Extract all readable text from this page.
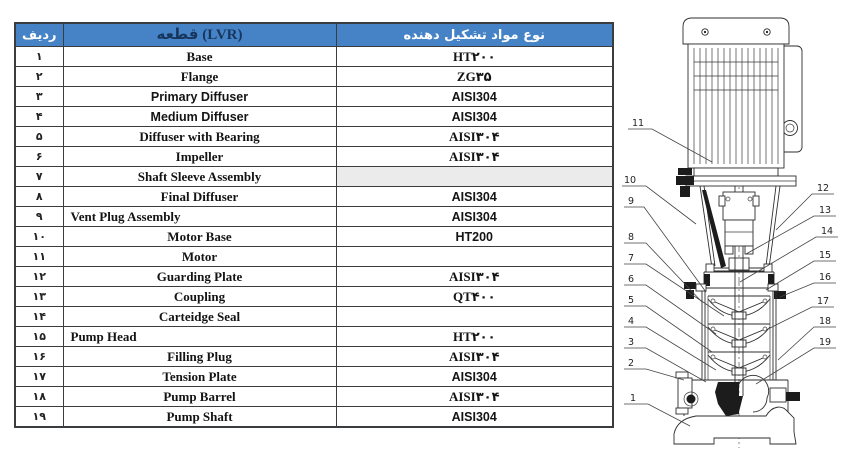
ردیف	قطعه (LVR)	نوع مواد تشکیل دهنده
۱	Base	HT۲۰۰
۲	Flange	ZG۳۵
۳	Primary Diffuser	AISI304
۴	Medium Diffuser	AISI304
۵	Diffuser with Bearing	AISI۳۰۴
۶	Impeller	AISI۳۰۴
۷	Shaft Sleeve Assembly	
۸	Final Diffuser	AISI304
۹	Vent Plug Assembly	AISI304
۱۰	Motor Base	HT200
۱۱	Motor	
۱۲	Guarding Plate	AISI۳۰۴
۱۳	Coupling	QT۴۰۰
۱۴	Carteidge Seal	
۱۵	Pump Head	HT۲۰۰
۱۶	Filling Plug	AISI۳۰۴
۱۷	Tension Plate	AISI304
۱۸	Pump Barrel	AISI۳۰۴
۱۹	Pump Shaft	AISI304
1
2
3
4
5
6
7
8
9
10
11
12
13
14
15
16
17
18
19
